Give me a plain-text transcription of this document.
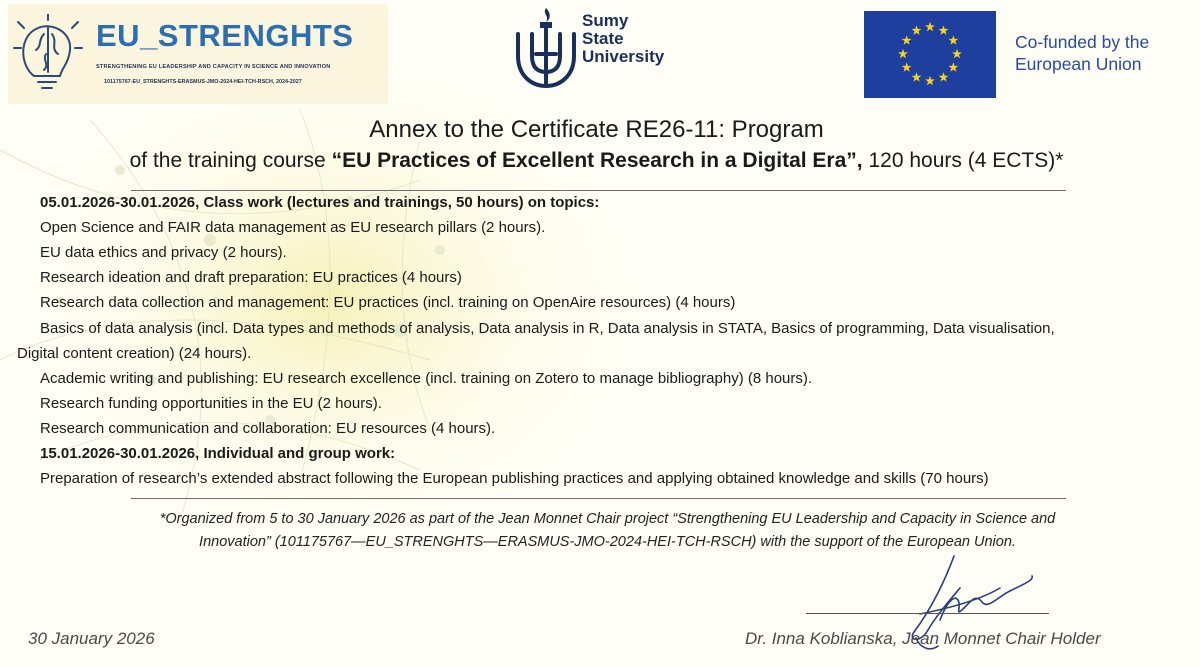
EU_STRENGHTS
STRENGTHENING EU LEADERSHIP AND CAPACITY IN SCIENCE AND INNOVATION
101175767-EU_STRENGHTS-ERASMUS-JMO-2024-HEI-TCH-RSCH, 2024-2027
Sumy
State
University
Co-funded by the
European Union
Annex to the Certificate RE26-11: Program
of the training course “EU Practices of Excellent Research in a Digital Era”, 120 hours (4 ECTS)*
05.01.2026-30.01.2026, Class work (lectures and trainings, 50 hours) on topics:
Open Science and FAIR data management as EU research pillars (2 hours).
EU data ethics and privacy (2 hours).
Research ideation and draft preparation: EU practices (4 hours)
Research data collection and management: EU practices (incl. training on OpenAire resources) (4 hours)
Basics of data analysis (incl. Data types and methods of analysis, Data analysis in R, Data analysis in STATA, Basics of programming, Data visualisation,
Digital content creation) (24 hours).
Academic writing and publishing: EU research excellence (incl. training on Zotero to manage bibliography) (8 hours).
Research funding opportunities in the EU (2 hours).
Research communication and collaboration: EU resources (4 hours).
15.01.2026-30.01.2026, Individual and group work:
Preparation of research’s extended abstract following the European publishing practices and applying obtained knowledge and skills (70 hours)
*Organized from 5 to 30 January 2026 as part of the Jean Monnet Chair project “Strengthening EU Leadership and Capacity in Science and
Innovation” (101175767—EU_STRENGHTS—ERASMUS-JMO-2024-HEI-TCH-RSCH) with the support of the European Union.
30 January 2026	Dr. Inna Koblianska, Jean Monnet Chair Holder
